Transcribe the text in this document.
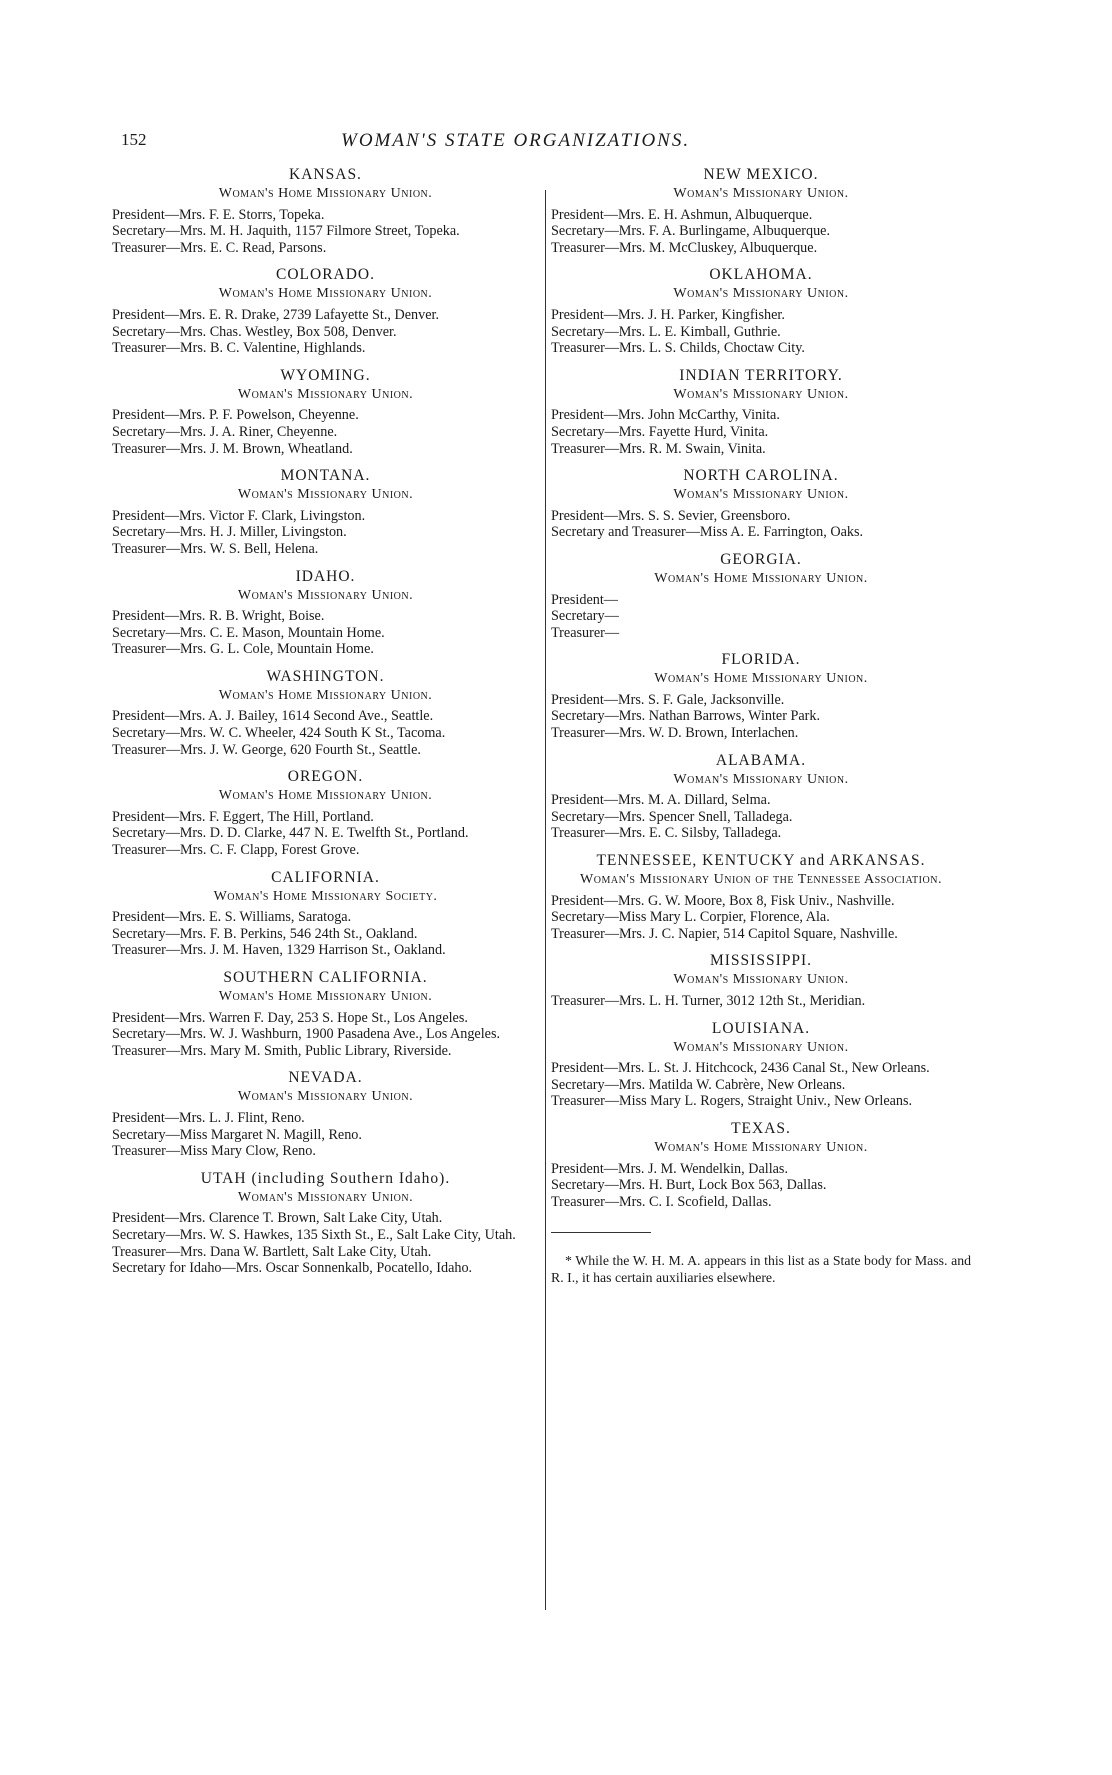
152	WOMAN'S STATE ORGANIZATIONS.
KANSAS.
Woman's Home Missionary Union.

President—Mrs. F. E. Storrs, Topeka.

Secretary—Mrs. M. H. Jaquith, 1157 Filmore Street, Topeka.

Treasurer—Mrs. E. C. Read, Parsons.

COLORADO.
Woman's Home Missionary Union.

President—Mrs. E. R. Drake, 2739 Lafayette St., Denver.

Secretary—Mrs. Chas. Westley, Box 508, Denver.

Treasurer—Mrs. B. C. Valentine, Highlands.

WYOMING.
Woman's Missionary Union.

President—Mrs. P. F. Powelson, Cheyenne.

Secretary—Mrs. J. A. Riner, Cheyenne.

Treasurer—Mrs. J. M. Brown, Wheatland.

MONTANA.
Woman's Missionary Union.

President—Mrs. Victor F. Clark, Livingston.

Secretary—Mrs. H. J. Miller, Livingston.

Treasurer—Mrs. W. S. Bell, Helena.

IDAHO.
Woman's Missionary Union.

President—Mrs. R. B. Wright, Boise.

Secretary—Mrs. C. E. Mason, Mountain Home.

Treasurer—Mrs. G. L. Cole, Mountain Home.

WASHINGTON.
Woman's Home Missionary Union.

President—Mrs. A. J. Bailey, 1614 Second Ave., Seattle.

Secretary—Mrs. W. C. Wheeler, 424 South K St., Tacoma.

Treasurer—Mrs. J. W. George, 620 Fourth St., Seattle.

OREGON.
Woman's Home Missionary Union.

President—Mrs. F. Eggert, The Hill, Portland.

Secretary—Mrs. D. D. Clarke, 447 N. E. Twelfth St., Portland.

Treasurer—Mrs. C. F. Clapp, Forest Grove.

CALIFORNIA.
Woman's Home Missionary Society.

President—Mrs. E. S. Williams, Saratoga.

Secretary—Mrs. F. B. Perkins, 546 24th St., Oakland.

Treasurer—Mrs. J. M. Haven, 1329 Harrison St., Oakland.

SOUTHERN CALIFORNIA.
Woman's Home Missionary Union.

President—Mrs. Warren F. Day, 253 S. Hope St., Los Angeles.

Secretary—Mrs. W. J. Washburn, 1900 Pasadena Ave., Los Angeles.

Treasurer—Mrs. Mary M. Smith, Public Library, Riverside.

NEVADA.
Woman's Missionary Union.

President—Mrs. L. J. Flint, Reno.

Secretary—Miss Margaret N. Magill, Reno.

Treasurer—Miss Mary Clow, Reno.

UTAH (including Southern Idaho).
Woman's Missionary Union.

President—Mrs. Clarence T. Brown, Salt Lake City, Utah.

Secretary—Mrs. W. S. Hawkes, 135 Sixth St., E., Salt Lake City, Utah.

Treasurer—Mrs. Dana W. Bartlett, Salt Lake City, Utah.

Secretary for Idaho—Mrs. Oscar Sonnenkalb, Pocatello, Idaho.

NEW MEXICO.
Woman's Missionary Union.

President—Mrs. E. H. Ashmun, Albuquerque.

Secretary—Mrs. F. A. Burlingame, Albuquerque.

Treasurer—Mrs. M. McCluskey, Albuquerque.

OKLAHOMA.
Woman's Missionary Union.

President—Mrs. J. H. Parker, Kingfisher.

Secretary—Mrs. L. E. Kimball, Guthrie.

Treasurer—Mrs. L. S. Childs, Choctaw City.

INDIAN TERRITORY.
Woman's Missionary Union.

President—Mrs. John McCarthy, Vinita.

Secretary—Mrs. Fayette Hurd, Vinita.

Treasurer—Mrs. R. M. Swain, Vinita.

NORTH CAROLINA.
Woman's Missionary Union.

President—Mrs. S. S. Sevier, Greensboro.

Secretary and Treasurer—Miss A. E. Farrington, Oaks.

GEORGIA.
Woman's Home Missionary Union.

President—

Secretary—

Treasurer—

FLORIDA.
Woman's Home Missionary Union.

President—Mrs. S. F. Gale, Jacksonville.

Secretary—Mrs. Nathan Barrows, Winter Park.

Treasurer—Mrs. W. D. Brown, Interlachen.

ALABAMA.
Woman's Missionary Union.

President—Mrs. M. A. Dillard, Selma.

Secretary—Mrs. Spencer Snell, Talladega.

Treasurer—Mrs. E. C. Silsby, Talladega.

TENNESSEE, KENTUCKY and ARKANSAS.
Woman's Missionary Union of the Tennessee Association.

President—Mrs. G. W. Moore, Box 8, Fisk Univ., Nashville.

Secretary—Miss Mary L. Corpier, Florence, Ala.

Treasurer—Mrs. J. C. Napier, 514 Capitol Square, Nashville.

MISSISSIPPI.
Woman's Missionary Union.

Treasurer—Mrs. L. H. Turner, 3012 12th St., Meridian.

LOUISIANA.
Woman's Missionary Union.

President—Mrs. L. St. J. Hitchcock, 2436 Canal St., New Orleans.

Secretary—Mrs. Matilda W. Cabrère, New Orleans.

Treasurer—Miss Mary L. Rogers, Straight Univ., New Orleans.

TEXAS.
Woman's Home Missionary Union.

President—Mrs. J. M. Wendelkin, Dallas.

Secretary—Mrs. H. Burt, Lock Box 563, Dallas.

Treasurer—Mrs. C. I. Scofield, Dallas.

* While the W. H. M. A. appears in this list as a State body for Mass. and R. I., it has certain auxiliaries elsewhere.
